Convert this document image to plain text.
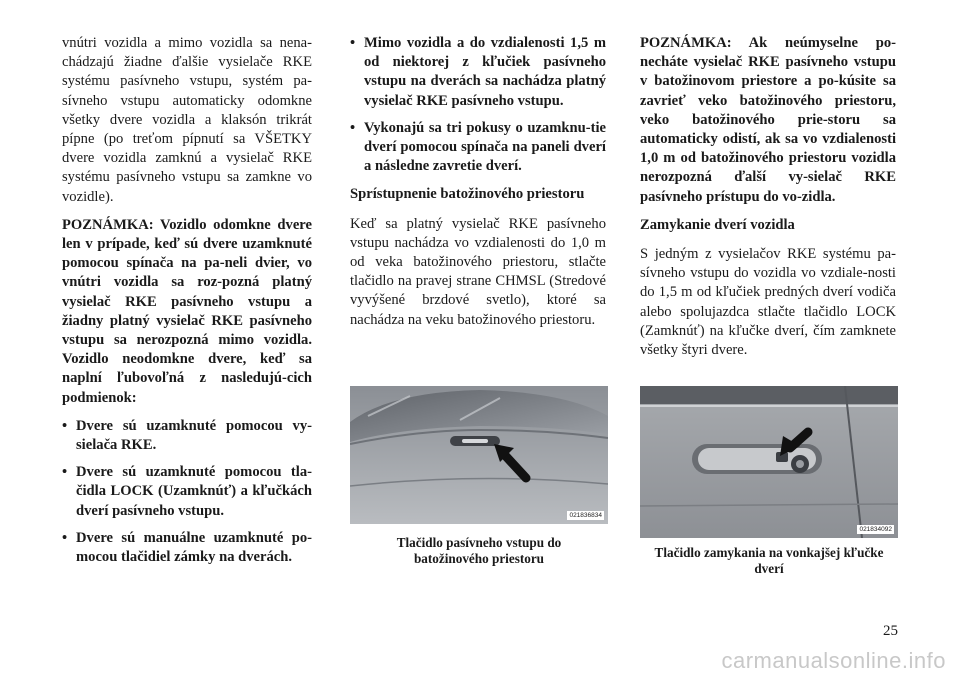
vnútri vozidla a mimo vozidla sa nena-chádzajú žiadne ďalšie vysielače RKE systému pasívneho vstupu, systém pa-sívneho vstupu automaticky odomkne všetky dvere vozidla a klaksón trikrát pípne (po treťom pípnutí sa VŠETKY dvere vozidla zamknú a vysielač RKE systému pasívneho vstupu sa zamkne vo vozidle).

POZNÁMKA: Vozidlo odomkne dvere len v prípade, keď sú dvere uzamknuté pomocou spínača na pa-neli dvier, vo vnútri vozidla sa roz-pozná platný vysielač RKE pasívneho vstupu a žiadny platný vysielač RKE pasívneho vstupu sa nerozpozná mimo vozidla. Vozidlo neodomkne dvere, keď sa naplní ľubovoľná z nasledujú-cich podmienok:

• Dvere sú uzamknuté pomocou vy-sielača RKE.
• Dvere sú uzamknuté pomocou tla-čidla LOCK (Uzamknúť) a kľučkách dverí pasívneho vstupu.
• Dvere sú manuálne uzamknuté po-mocou tlačidiel zámky na dverách.
• Mimo vozidla a do vzdialenosti 1,5 m od niektorej z kľučiek pasívneho vstupu na dverách sa nachádza platný vysielač RKE pasívneho vstupu.
• Vykonajú sa tri pokusy o uzamknu-tie dverí pomocou spínača na paneli dverí a následne zavretie dverí.

Sprístupnenie batožinového priestoru

Keď sa platný vysielač RKE pasívneho vstupu nachádza vo vzdialenosti do 1,0 m od veka batožinového priestoru, stlačte tlačidlo na pravej strane CHMSL (Stredové vyvýšené brzdové svetlo), ktoré sa nachádza na veku batožinového priestoru.

021836834
Tlačidlo pasívneho vstupu do batožinového priestoru

POZNÁMKA: Ak neúmyselne po-necháte vysielač RKE pasívneho vstupu v batožinovom priestore a po-kúsite sa zavrieť veko batožinového priestoru, veko batožinového prie-storu sa automaticky odistí, ak sa vo vzdialenosti 1,0 m od batožinového priestoru vozidla nerozpozná ďalší vy-sielač RKE pasívneho prístupu do vo-zidla.

Zamykanie dverí vozidla

S jedným z vysielačov RKE systému pa-sívneho vstupu do vozidla vo vzdiale-nosti do 1,5 m od kľučiek predných dverí vodiča alebo spolujazdca stlačte tlačidlo LOCK (Zamknúť) na kľučke dverí, čím zamknete všetky štyri dvere.

021834092
Tlačidlo zamykania na vonkajšej kľučke dverí
25
carmanualsonline.info
